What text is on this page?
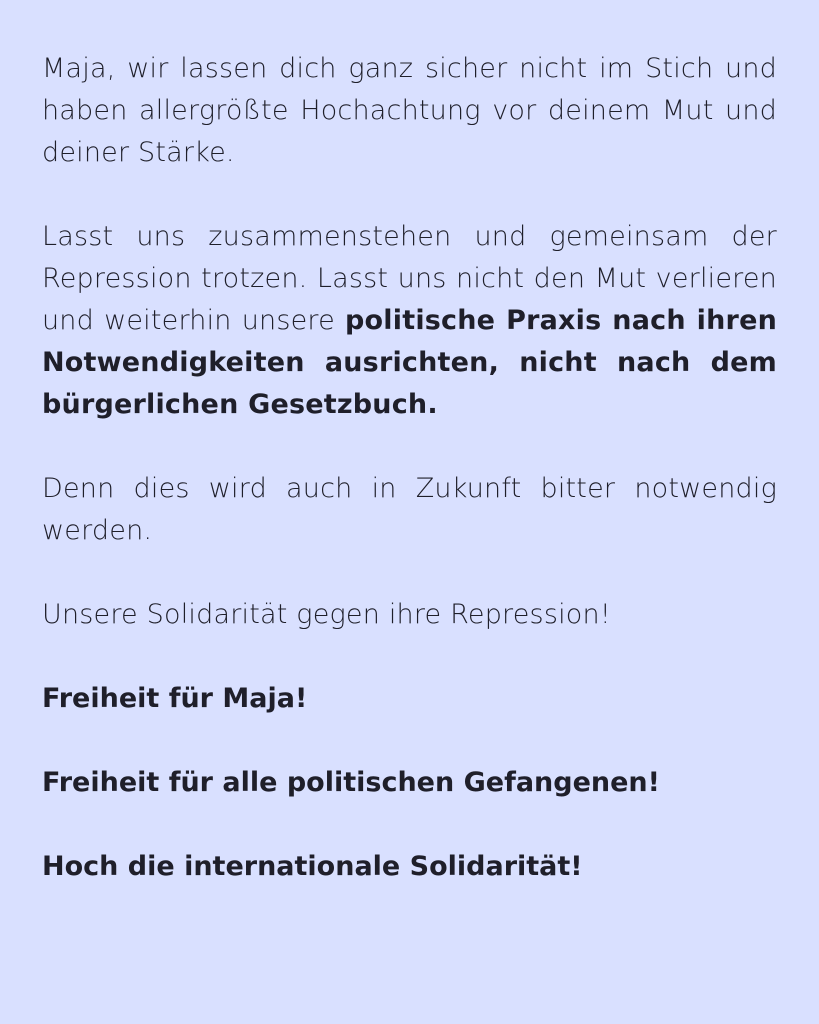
Maja, wir lassen dich ganz sicher nicht im Stich und haben allergrößte Hochachtung vor deinem Mut und deiner Stärke.

Lasst uns zusammenstehen und gemeinsam der Repression trotzen. Lasst uns nicht den Mut verlieren und weiterhin unsere politische Praxis nach ihren Notwendigkeiten ausrichten, nicht nach dem bürgerlichen Gesetzbuch.

Denn dies wird auch in Zukunft bitter notwendig werden.

Unsere Solidarität gegen ihre Repression!

Freiheit für Maja!

Freiheit für alle politischen Gefangenen!

Hoch die internationale Solidarität!
